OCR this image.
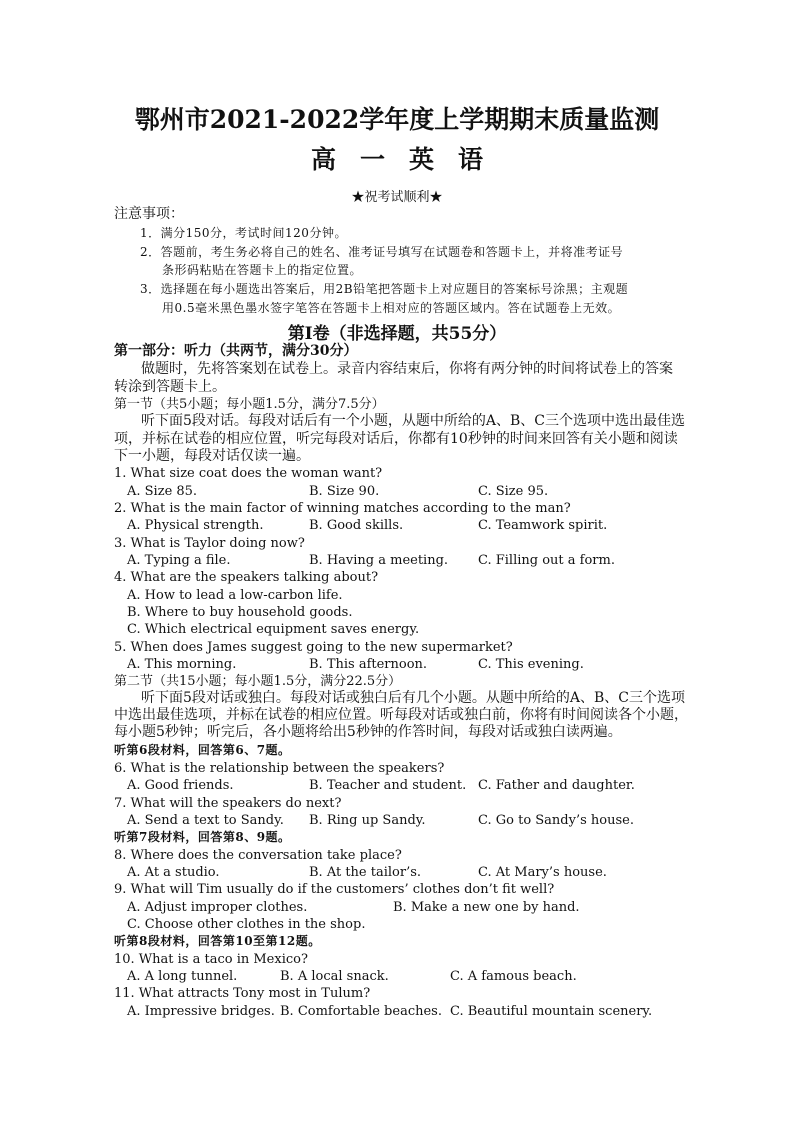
鄂州市2021-2022学年度上学期期末质量监测
高一英语
★祝考试顺利★
注意事项：
1．满分150分，考试时间120分钟。
2．答题前，考生务必将自己的姓名、准考证号填写在试题卷和答题卡上，并将准考证号
条形码粘贴在答题卡上的指定位置。
3．选择题在每小题选出答案后，用2B铅笔把答题卡上对应题目的答案标号涂黑；主观题
用0.5毫米黑色墨水签字笔答在答题卡上相对应的答题区域内。答在试题卷上无效。
第Ⅰ卷（非选择题，共55分）
第一部分：听力（共两节，满分30分）
做题时，先将答案划在试卷上。录音内容结束后，你将有两分钟的时间将试卷上的答案
转涂到答题卡上。
第一节（共5小题；每小题1.5分，满分7.5分）
听下面5段对话。每段对话后有一个小题，从题中所给的A、B、C三个选项中选出最佳选
项，并标在试卷的相应位置，听完每段对话后，你都有10秒钟的时间来回答有关小题和阅读
下一小题，每段对话仅读一遍。
1. What size coat does the woman want?
A. Size 85.	B. Size 90.	C. Size 95.
2. What is the main factor of winning matches according to the man?
A. Physical strength.	B. Good skills.	C. Teamwork spirit.
3. What is Taylor doing now?
A. Typing a file.	B. Having a meeting. C. Filling out a form.
4. What are the speakers talking about?
A. How to lead a low-carbon life.
B. Where to buy household goods.
C. Which electrical equipment saves energy.
5. When does James suggest going to the new supermarket?
A. This morning.	B. This afternoon.	C. This evening.
第二节（共15小题；每小题1.5分，满分22.5分）
听下面5段对话或独白。每段对话或独白后有几个小题。从题中所给的A、B、C三个选项
中选出最佳选项，并标在试卷的相应位置。听每段对话或独白前，你将有时间阅读各个小题，
每小题5秒钟；听完后，各小题将给出5秒钟的作答时间，每段对话或独白读两遍。
听第6段材料，回答第6、7题。
6. What is the relationship between the speakers?
A. Good friends.	B. Teacher and student. C. Father and daughter.
7. What will the speakers do next?
A. Send a text to Sandy. B. Ring up Sandy.	C. Go to Sandy’s house.
听第7段材料，回答第8、9题。
8. Where does the conversation take place?
A. At a studio.	B. At the tailor’s.	C. At Mary’s house.
9. What will Tim usually do if the customers’ clothes don’t fit well?
A. Adjust improper clothes.	B. Make a new one by hand.
C. Choose other clothes in the shop.
听第8段材料，回答第10至第12题。
10. What is a taco in Mexico?
A. A long tunnel.	B. A local snack.	C. A famous beach.
11. What attracts Tony most in Tulum?
A. Impressive bridges. B. Comfortable beaches. C. Beautiful mountain scenery.
